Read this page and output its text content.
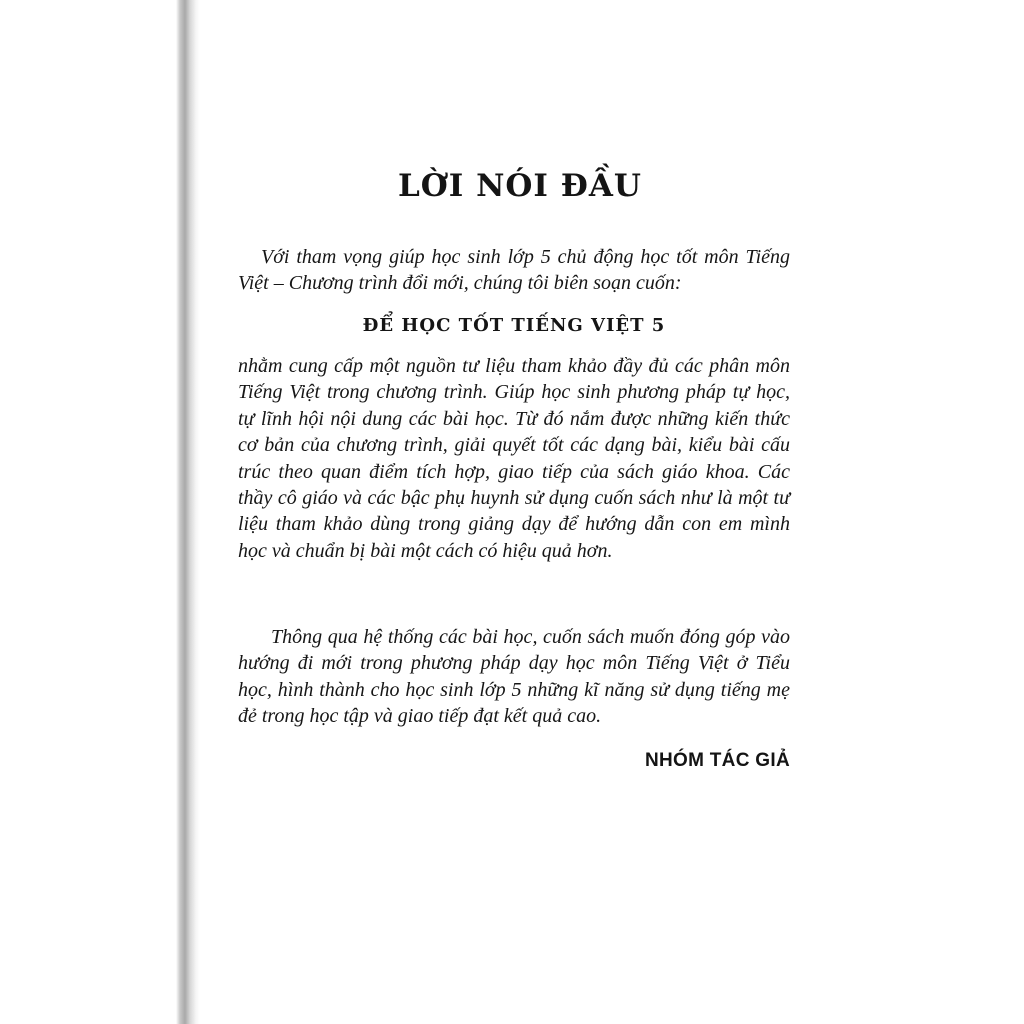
LỜI NÓI ĐẦU

Với tham vọng giúp học sinh lớp 5 chủ động học tốt môn Tiếng Việt – Chương trình đổi mới, chúng tôi biên soạn cuốn:

ĐỂ HỌC TỐT TIẾNG VIỆT 5

nhằm cung cấp một nguồn tư liệu tham khảo đầy đủ các phân môn Tiếng Việt trong chương trình. Giúp học sinh phương pháp tự học, tự lĩnh hội nội dung các bài học. Từ đó nắm được những kiến thức cơ bản của chương trình, giải quyết tốt các dạng bài, kiểu bài cấu trúc theo quan điểm tích hợp, giao tiếp của sách giáo khoa. Các thầy cô giáo và các bậc phụ huynh sử dụng cuốn sách như là một tư liệu tham khảo dùng trong giảng dạy để hướng dẫn con em mình học và chuẩn bị bài một cách có hiệu quả hơn.

Thông qua hệ thống các bài học, cuốn sách muốn đóng góp vào hướng đi mới trong phương pháp dạy học môn Tiếng Việt ở Tiểu học, hình thành cho học sinh lớp 5 những kĩ năng sử dụng tiếng mẹ đẻ trong học tập và giao tiếp đạt kết quả cao.

NHÓM TÁC GIẢ
